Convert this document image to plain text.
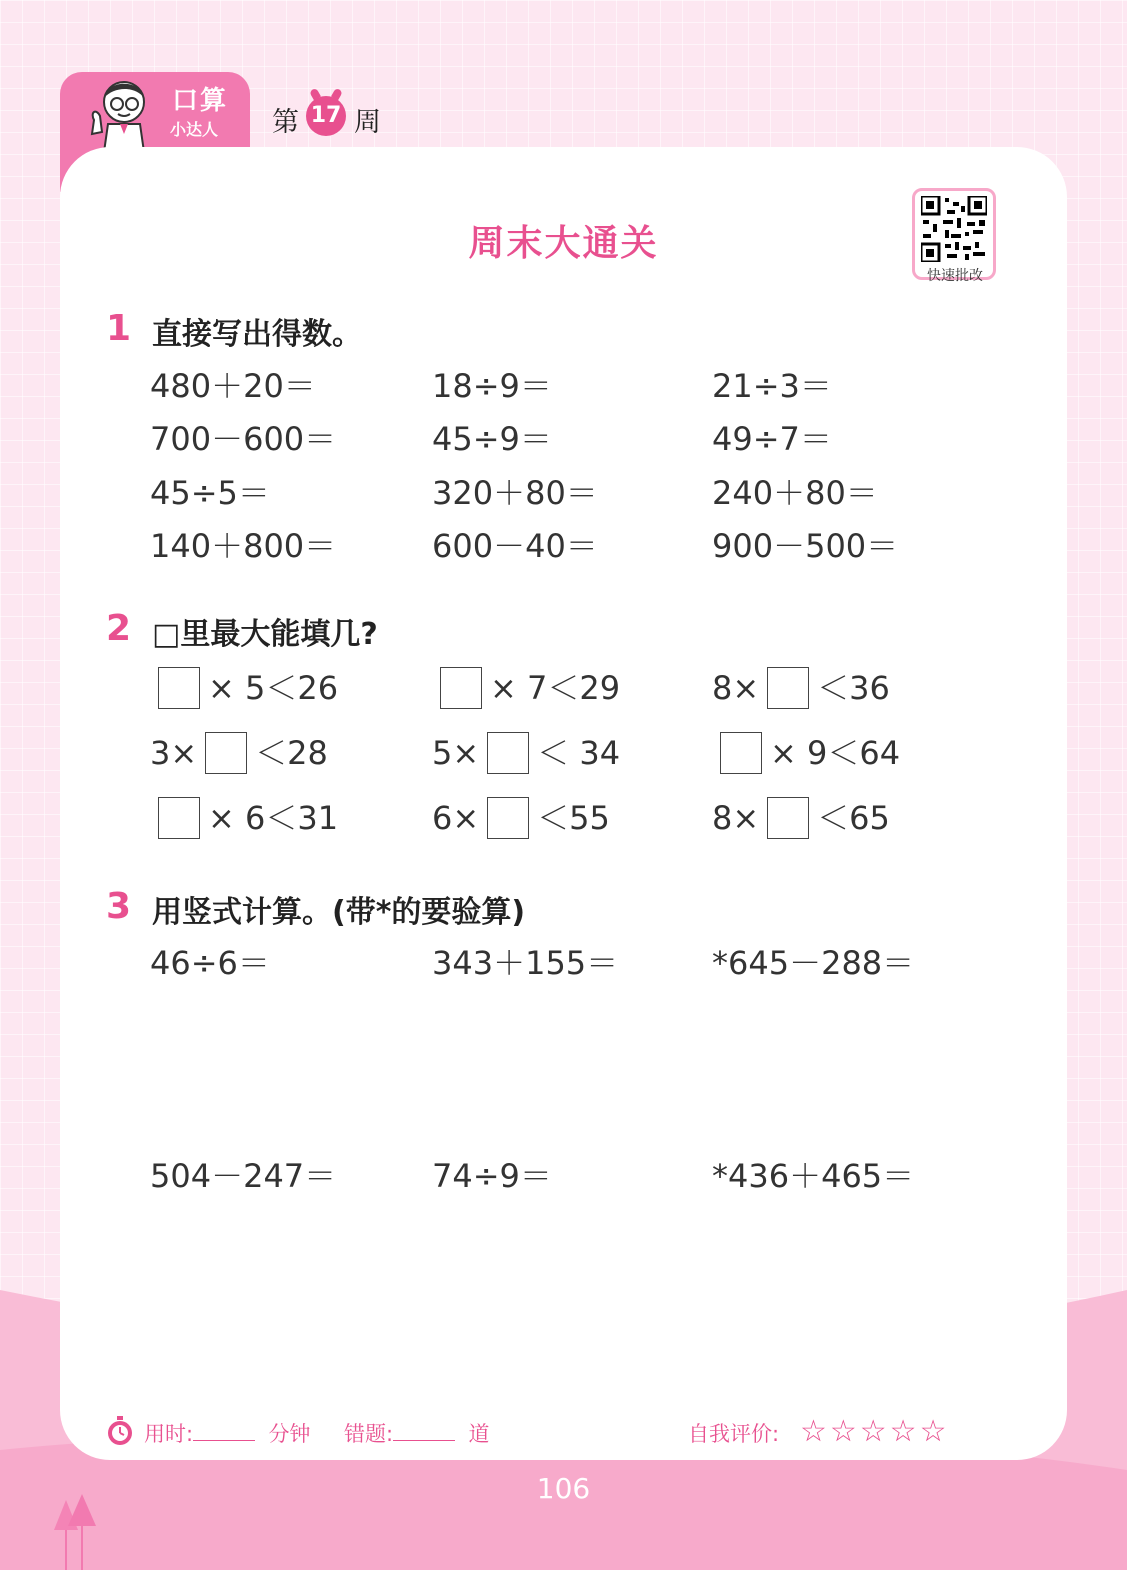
口算
小达人 第 17 周
周末大通关
快速批改
1 直接写出得数。
480＋20＝	18÷9＝	21÷3＝
700－600＝	45÷9＝	49÷7＝
45÷5＝	320＋80＝	240＋80＝
140＋800＝	600－40＝	900－500＝
2 □里最大能填几?
× 5＜26	× 7＜29	8× ＜36
3× ＜28	5× ＜ 34	× 9＜64
× 6＜31	6× ＜55	8× ＜65
3 用竖式计算。(带*的要验算)
46÷6＝	343＋155＝	*645－288＝
504－247＝	74÷9＝	*436＋465＝
用时:	分钟 错题:	道	自我评价: ☆☆☆☆☆
106
